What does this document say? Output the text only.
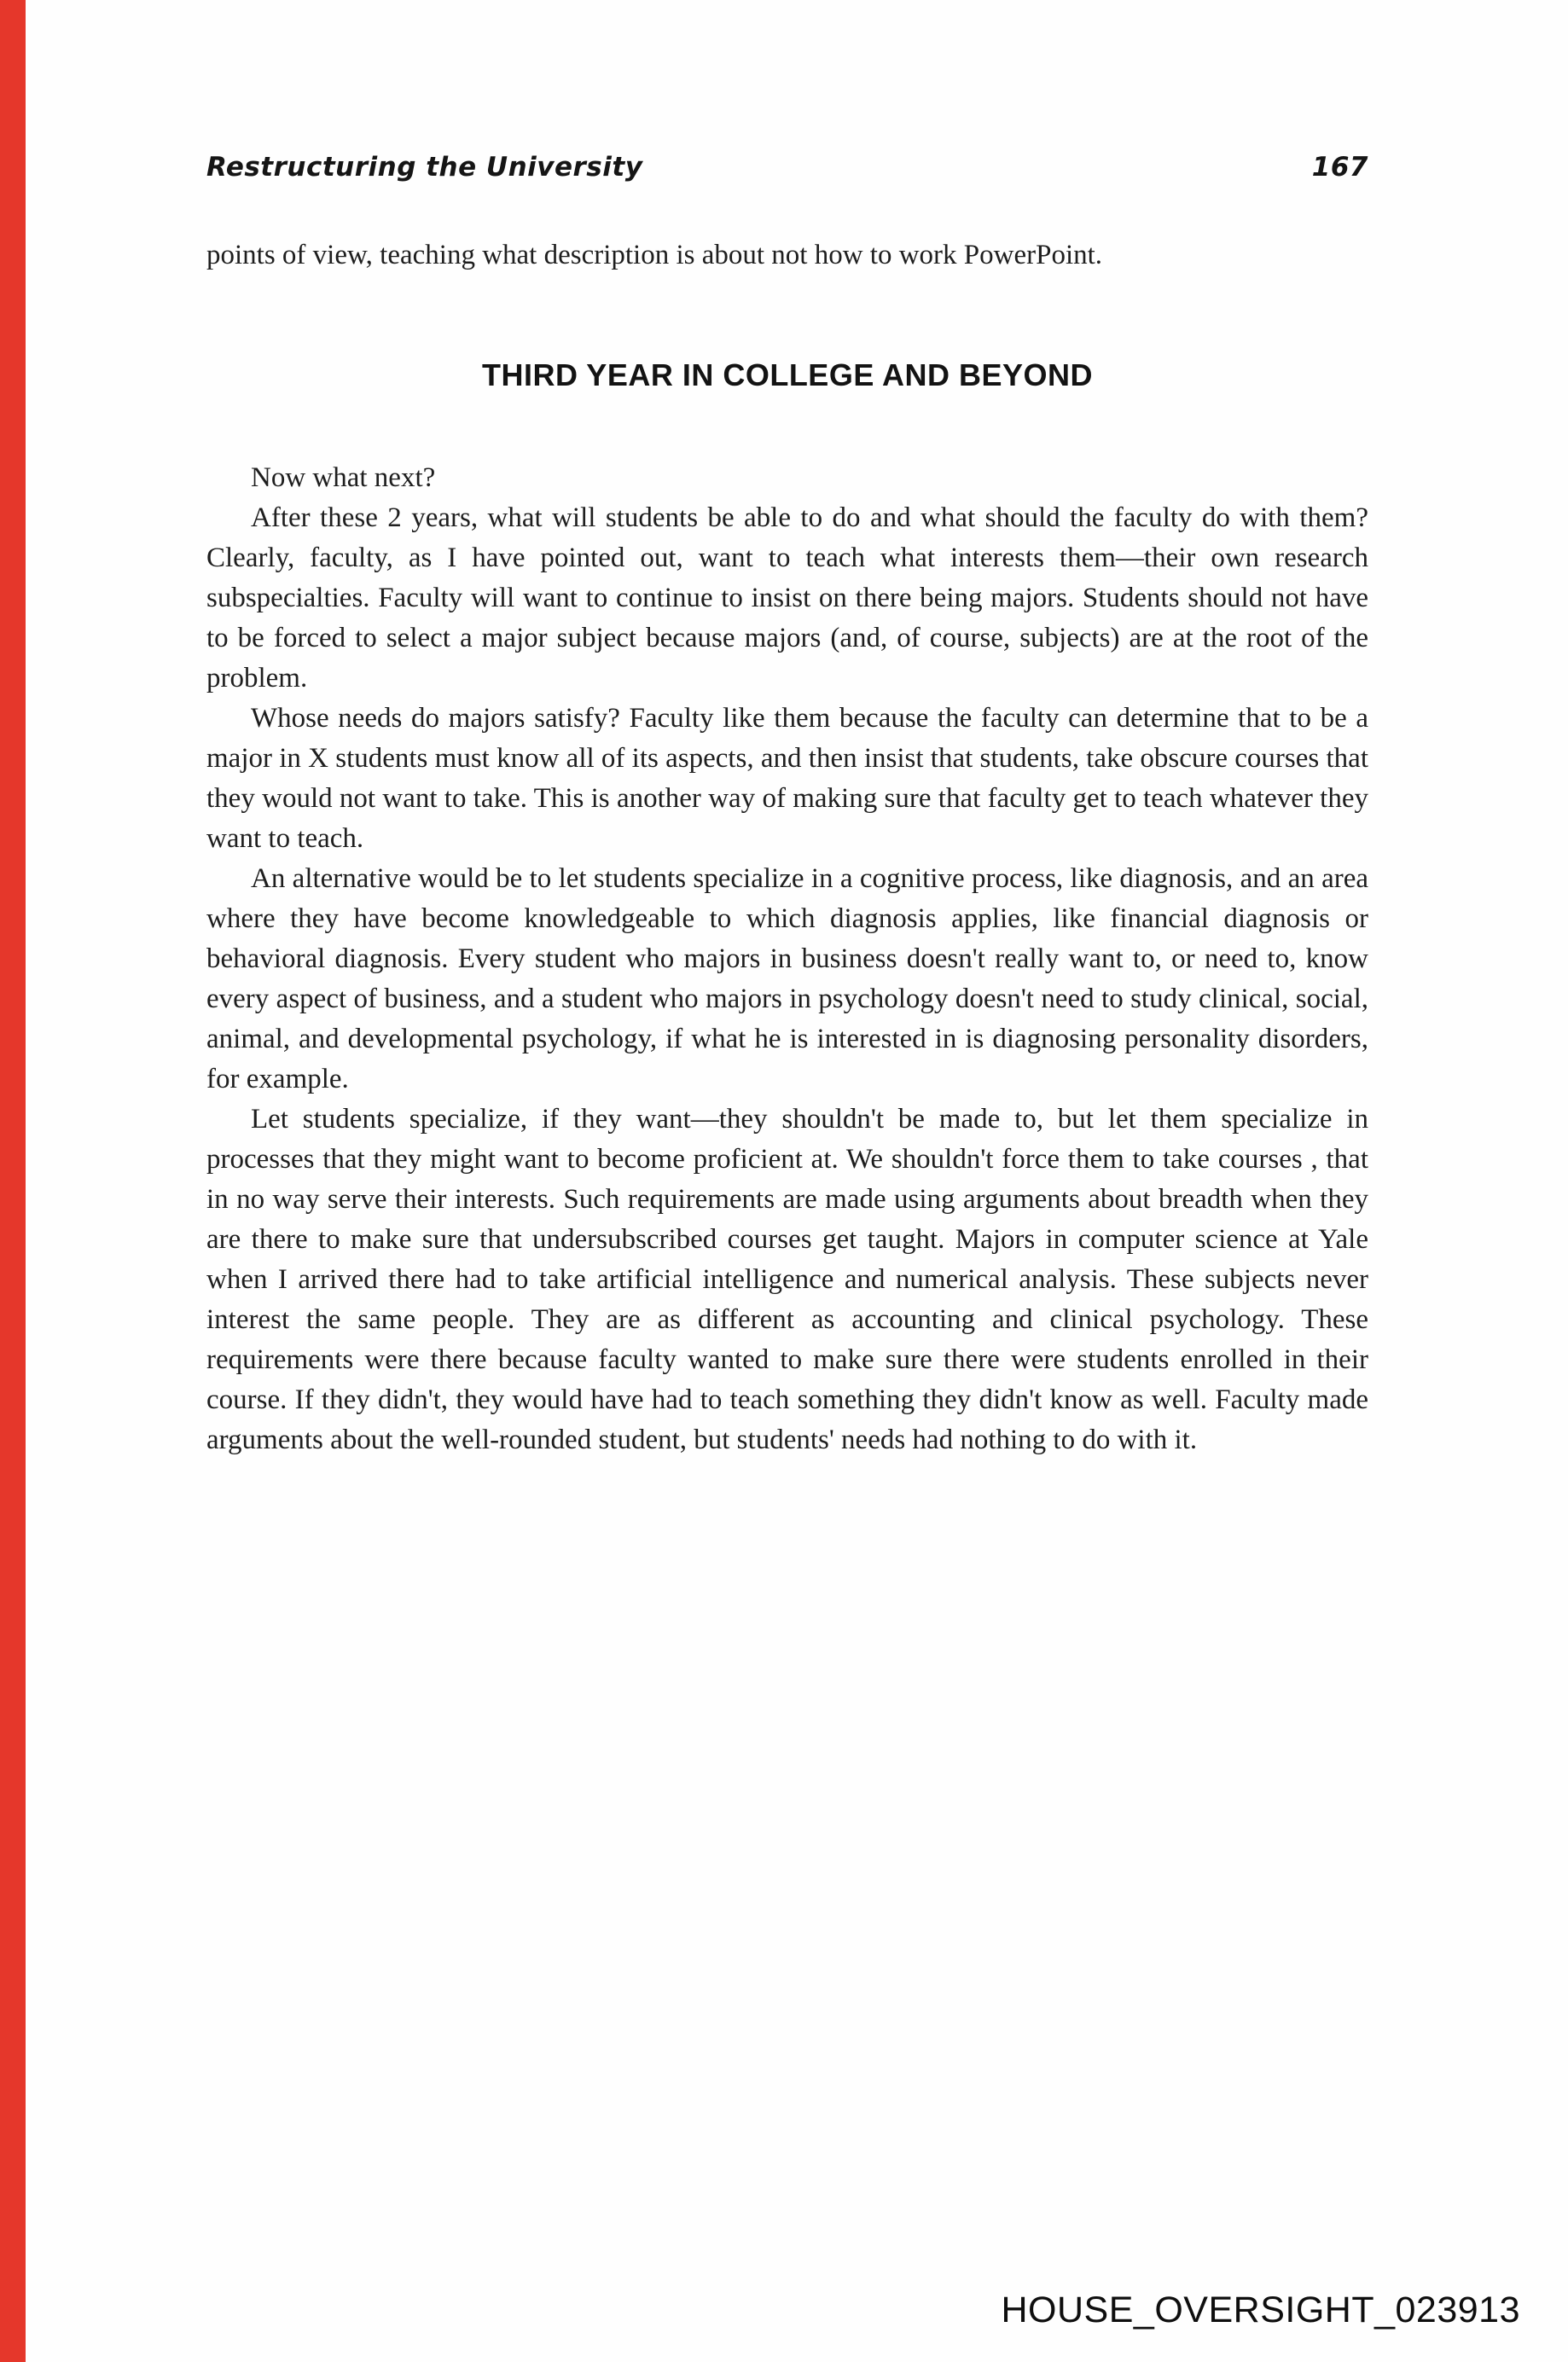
Restructuring the University	167

points of view, teaching what description is about not how to work PowerPoint.

THIRD YEAR IN COLLEGE AND BEYOND

Now what next?

After these 2 years, what will students be able to do and what should the faculty do with them? Clearly, faculty, as I have pointed out, want to teach what interests them—their own research subspecialties. Faculty will want to continue to insist on there being majors. Students should not have to be forced to select a major subject because majors (and, of course, subjects) are at the root of the problem.

Whose needs do majors satisfy? Faculty like them because the faculty can determine that to be a major in X students must know all of its aspects, and then insist that students, take obscure courses that they would not want to take. This is another way of making sure that faculty get to teach whatever they want to teach.

An alternative would be to let students specialize in a cognitive process, like diagnosis, and an area where they have become knowledgeable to which diagnosis applies, like financial diagnosis or behavioral diagnosis. Every student who majors in business doesn't really want to, or need to, know every aspect of business, and a student who majors in psychology doesn't need to study clinical, social, animal, and developmental psychology, if what he is interested in is diagnosing personality disorders, for example.

Let students specialize, if they want—they shouldn't be made to, but let them specialize in processes that they might want to become proficient at. We shouldn't force them to take courses , that in no way serve their interests. Such requirements are made using arguments about breadth when they are there to make sure that undersubscribed courses get taught. Majors in computer science at Yale when I arrived there had to take artificial intelligence and numerical analysis. These subjects never interest the same people. They are as different as accounting and clinical psychology. These requirements were there because faculty wanted to make sure there were students enrolled in their course. If they didn't, they would have had to teach something they didn't know as well. Faculty made arguments about the well-rounded student, but students' needs had nothing to do with it.

HOUSE_OVERSIGHT_023913
